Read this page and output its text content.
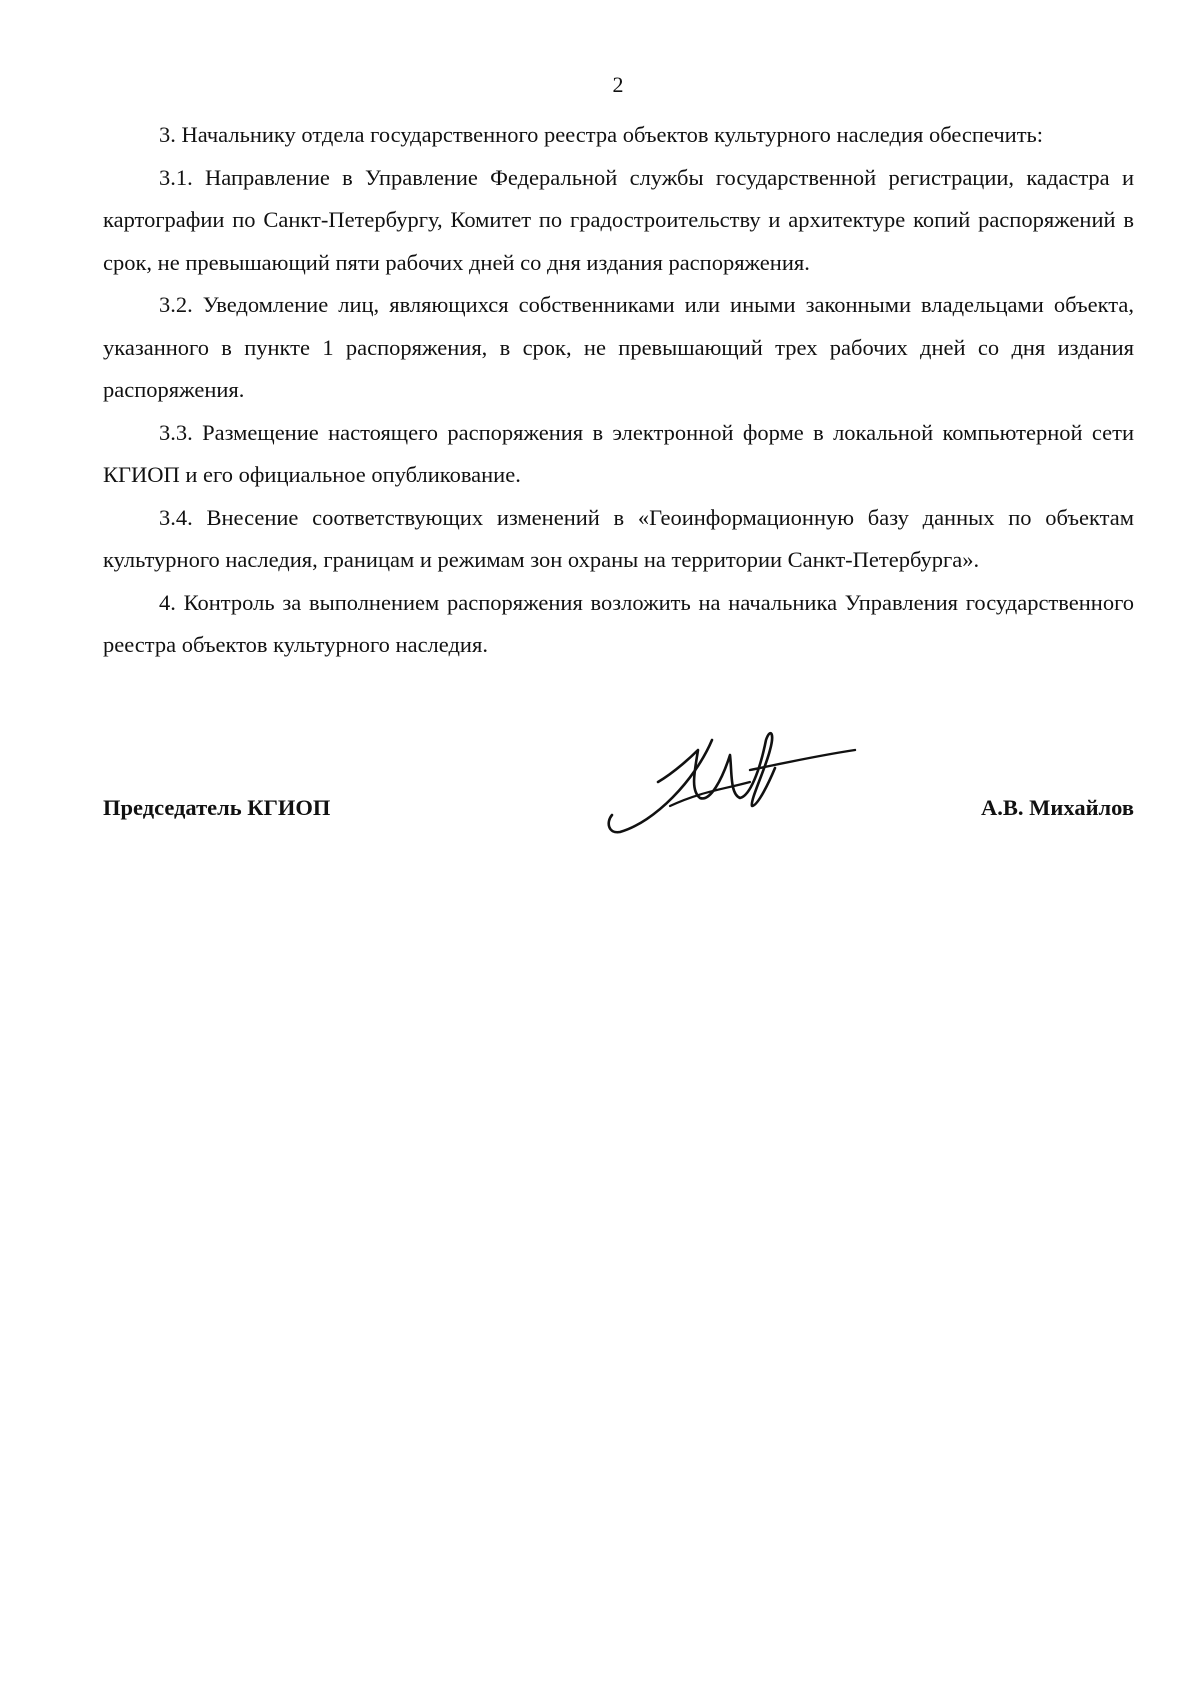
2

3. Начальнику отдела государственного реестра объектов культурного наследия обеспечить:

3.1. Направление в Управление Федеральной службы государственной регистрации, кадастра и картографии по Санкт-Петербургу, Комитет по градостроительству и архитектуре копий распоряжений в срок, не превышающий пяти рабочих дней со дня издания распоряжения.

3.2. Уведомление лиц, являющихся собственниками или иными законными владельцами объекта, указанного в пункте 1 распоряжения, в срок, не превышающий трех рабочих дней со дня издания распоряжения.

3.3. Размещение настоящего распоряжения в электронной форме в локальной компьютерной сети КГИОП и его официальное опубликование.

3.4. Внесение соответствующих изменений в «Геоинформационную базу данных по объектам культурного наследия, границам и режимам зон охраны на территории Санкт-Петербурга».

4. Контроль за выполнением распоряжения возложить на начальника Управления государственного реестра объектов культурного наследия.

Председатель КГИОП	А.В. Михайлов
